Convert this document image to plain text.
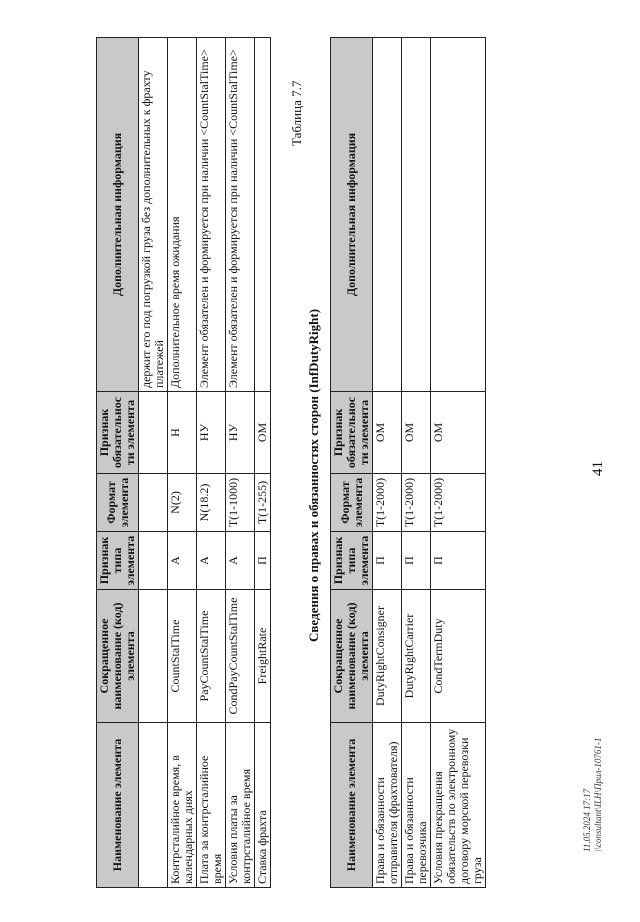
Наименование элемента	Сокращенное наименование (код) элемента	Признак типа элемента	Формат элемента	Признак обязательности элемента	Дополнительная информация
					держит его под погрузкой груза без дополнительных к фрахту платежей
Контрсталийное время, в календарных днях	CountStalTime	А	N(2)	Н	Дополнительное время ожидания
Плата за контрсталийное время	PayCountStalTime	А	N(18.2)	НУ	Элемент обязателен и формируется при наличии <CountStalTime>
Условия платы за контрсталийное время	CondPayCountStalTime	А	T(1-1000)	НУ	Элемент обязателен и формируется при наличии <CountStalTime>
Ставка фрахта	FreightRate	П	T(1-255)	ОМ	
Таблица 7.7
Сведения о правах и обязанностях сторон (InfDutyRight)
Наименование элемента	Сокращенное наименование (код) элемента	Признак типа элемента	Формат элемента	Признак обязательности элемента	Дополнительная информация
Права и обязанности отправителя (фрахтователя)	DutyRightConsigner	П	T(1-2000)	ОМ	
Права и обязанности перевозчика	DutyRightCarrier	П	T(1-2000)	ОМ	
Условия прекращения обязательств по электронному договору морской перевозки груза	CondTermDuty	П	T(1-2000)	ОМ	
41
11.05.2024 17:17 \\consultant\ILH\Прил-10761-1
